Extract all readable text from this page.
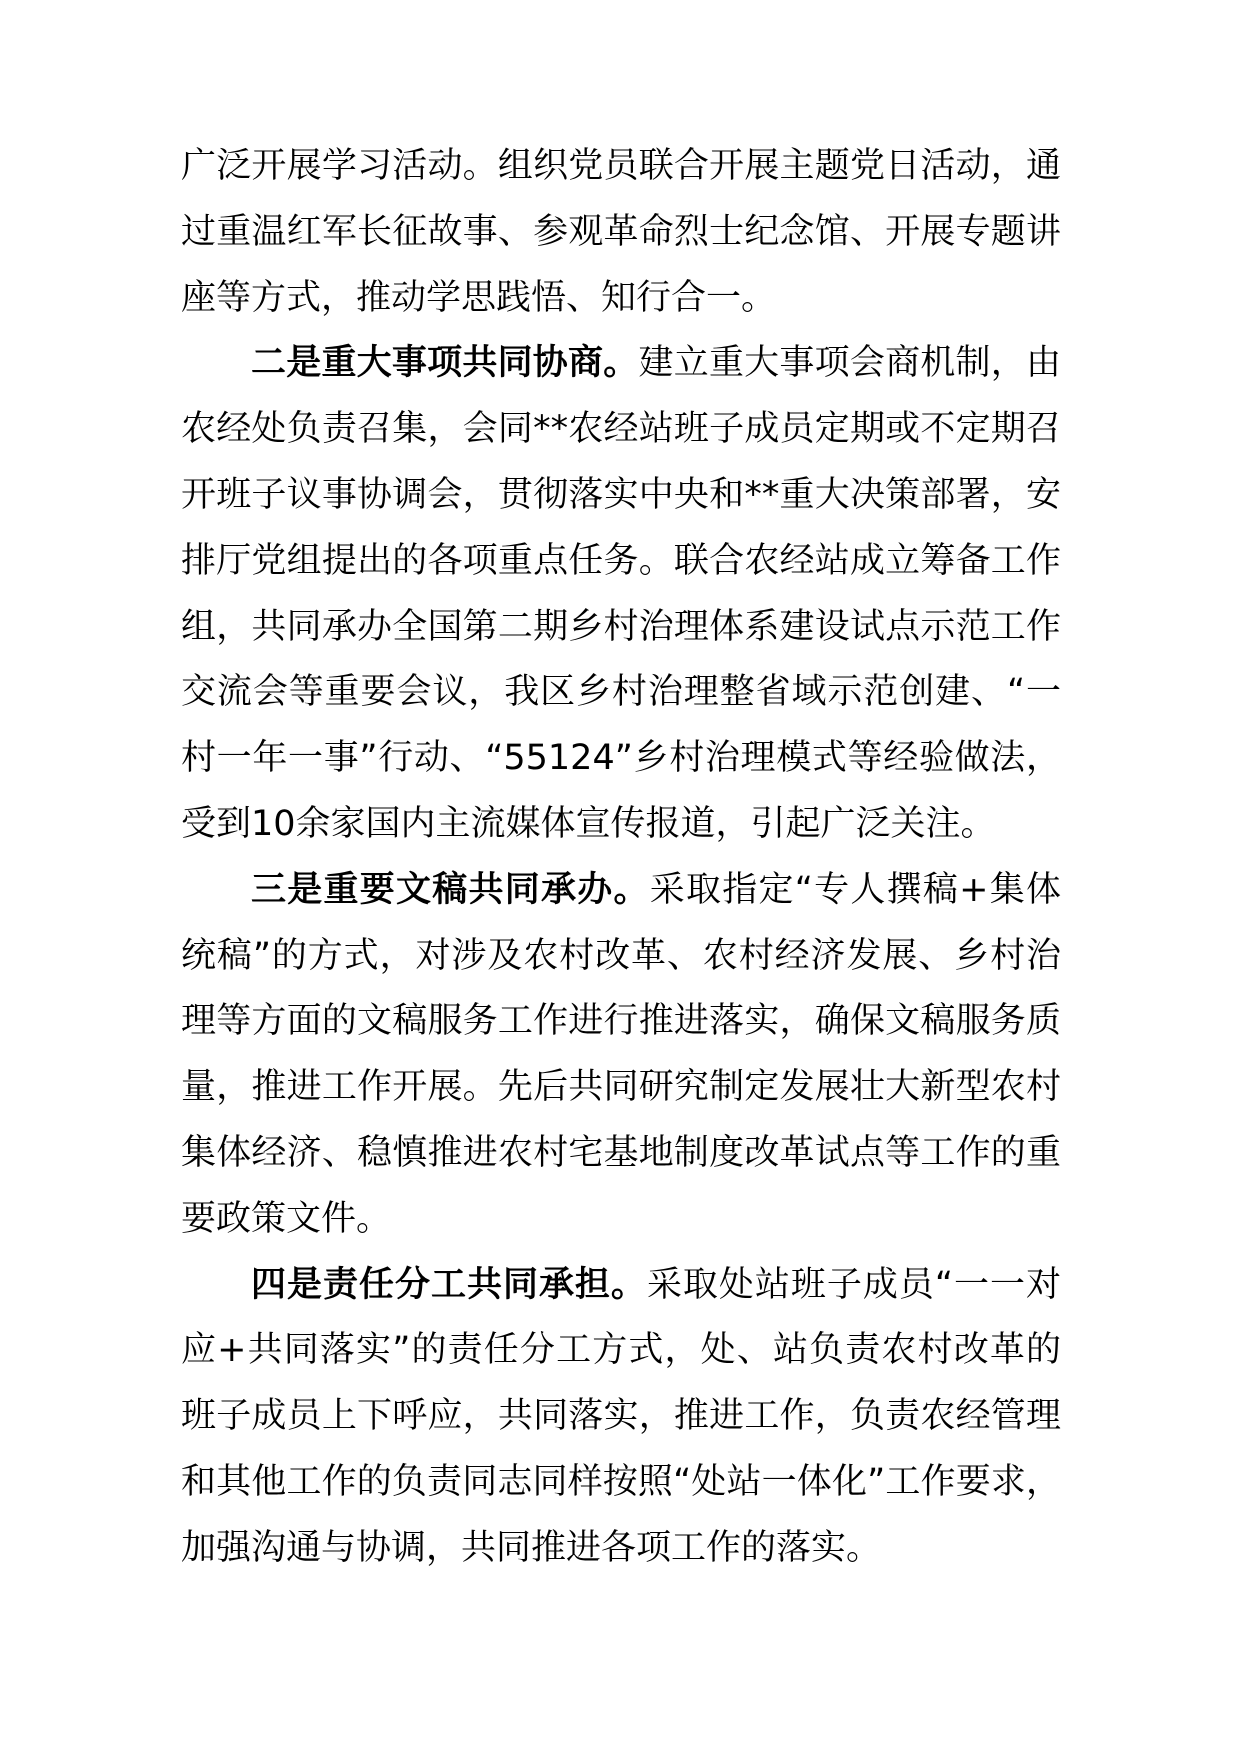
广泛开展学习活动。组织党员联合开展主题党日活动，通过重温红军长征故事、参观革命烈士纪念馆、开展专题讲座等方式，推动学思践悟、知行合一。

二是重大事项共同协商。建立重大事项会商机制，由农经处负责召集，会同**农经站班子成员定期或不定期召开班子议事协调会，贯彻落实中央和**重大决策部署，安排厅党组提出的各项重点任务。联合农经站成立筹备工作组，共同承办全国第二期乡村治理体系建设试点示范工作交流会等重要会议，我区乡村治理整省域示范创建、“一村一年一事”行动、“55124”乡村治理模式等经验做法，受到10余家国内主流媒体宣传报道，引起广泛关注。

三是重要文稿共同承办。采取指定“专人撰稿+集体统稿”的方式，对涉及农村改革、农村经济发展、乡村治理等方面的文稿服务工作进行推进落实，确保文稿服务质量，推进工作开展。先后共同研究制定发展壮大新型农村集体经济、稳慎推进农村宅基地制度改革试点等工作的重要政策文件。

四是责任分工共同承担。采取处站班子成员“一一对应+共同落实”的责任分工方式，处、站负责农村改革的班子成员上下呼应，共同落实，推进工作，负责农经管理和其他工作的负责同志同样按照“处站一体化”工作要求，加强沟通与协调，共同推进各项工作的落实。
